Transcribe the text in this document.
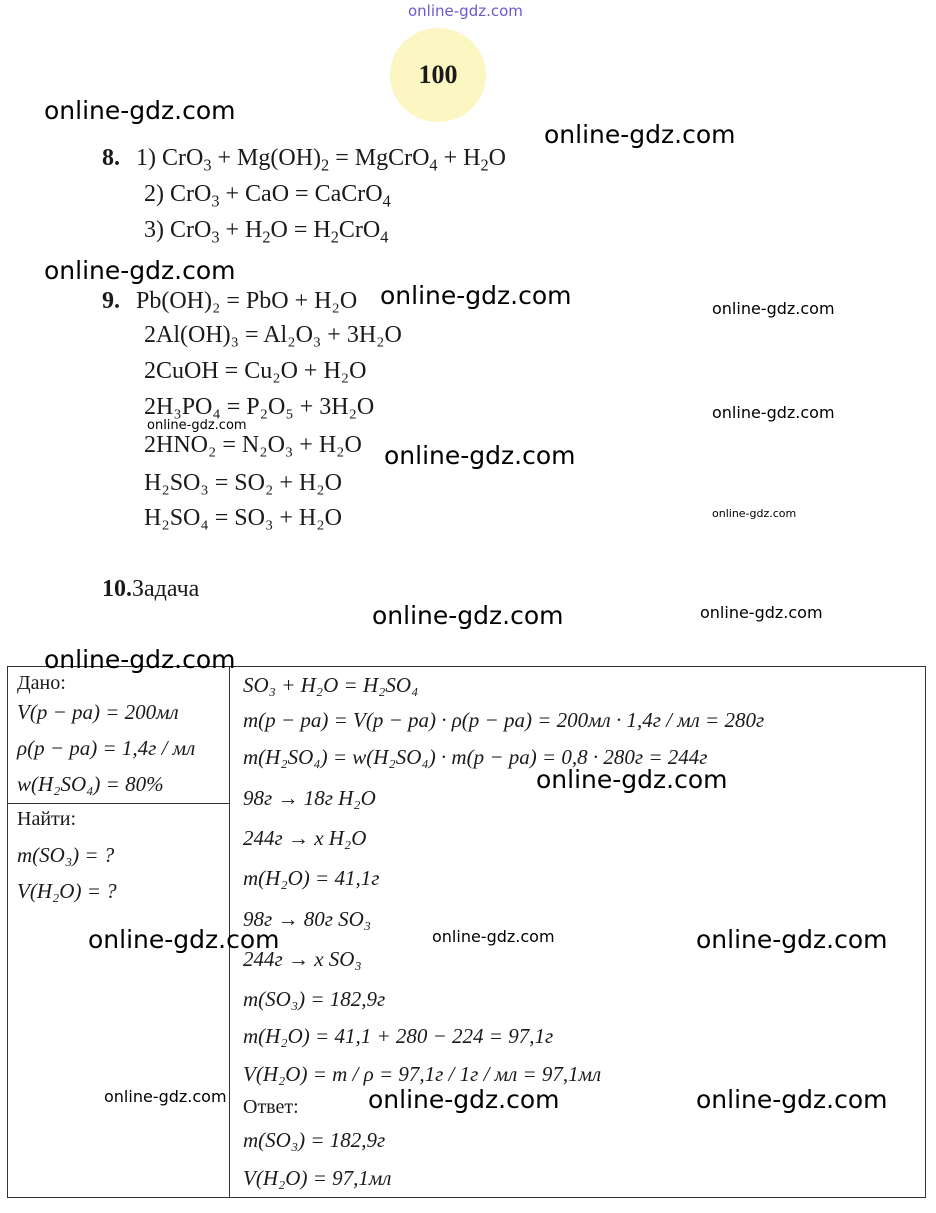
online-gdz.com
100
8. 1) $CrO_3 + Mg(OH)_2$ = MgCrO$_4$ + $H_2O$
2) CrO$_3$ + CaO = CaCrO$_4$
3) $CrO_3 + H_2O = H_2CrO_4$
9. Pb(OH)₂ = PbO + H₂O
2Al(OH)₃ = Al₂O₃ + 3H₂O
2CuOH = Cu₂O + H₂O
2H₃PO₄ = P₂O₅ + 3H₂O
2HNO₂ = N₂O₃ + H₂O
H₂SO₃ = SO₂ + H₂O
H₂SO₄ = SO₃ + H₂O
10.Задача
Дано:
V(p − pa) = 200мл
ρ(p − pa) = 1,4г / мл
w(H₂SO₄) = 80%
Найти:
m(SO₃) = ?
V(H₂O) = ?
SO₃ + H₂O = H₂SO₄
m(p − pa) = V(p − pa) · ρ(p − pa) = 200мл · 1,4г / мл = 280г
m(H₂SO₄) = w(H₂SO₄) · m(p − pa) = 0,8 · 280г = 244г
98г → 18г H₂O
244г → x H₂O
m(H₂O) = 41,1г
98г → 80г SO₃
244г → x SO₃
m(SO₃) = 182,9г
m(H₂O) = 41,1 + 280 − 224 = 97,1г
V(H₂O) = m / ρ = 97,1г / 1г / мл = 97,1мл
Ответ:
m(SO₃) = 182,9г
V(H₂O) = 97,1мл
online-gdz.com
online-gdz.com
online-gdz.com
online-gdz.com	online-gdz.com
online-gdz.com
online-gdz.com
online-gdz.com
online-gdz.com
online-gdz.com	online-gdz.com
online-gdz.com
online-gdz.com
online-gdz.com	online-gdz.com	online-gdz.com
online-gdz.com	online-gdz.com	online-gdz.com
